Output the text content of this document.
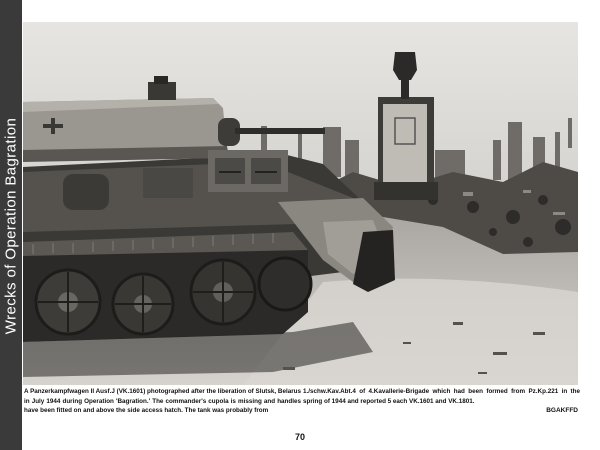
Wrecks of Operation Bagration

A Panzerkampfwagen II Ausf.J (VK.1601) photographed after the liberation of Slutsk, Belarus in July 1944 during Operation 'Bagration.' The commander's cupola is missing and handles have been fitted on and above the side access hatch. The tank was probably from

1./schw.Kav.Abt.4 of 4.Kavallerie-Brigade which had been formed from Pz.Kp.221 in the spring of 1944 and reported 5 each VK.1601 and VK.1801.

BGAKFFD
70
